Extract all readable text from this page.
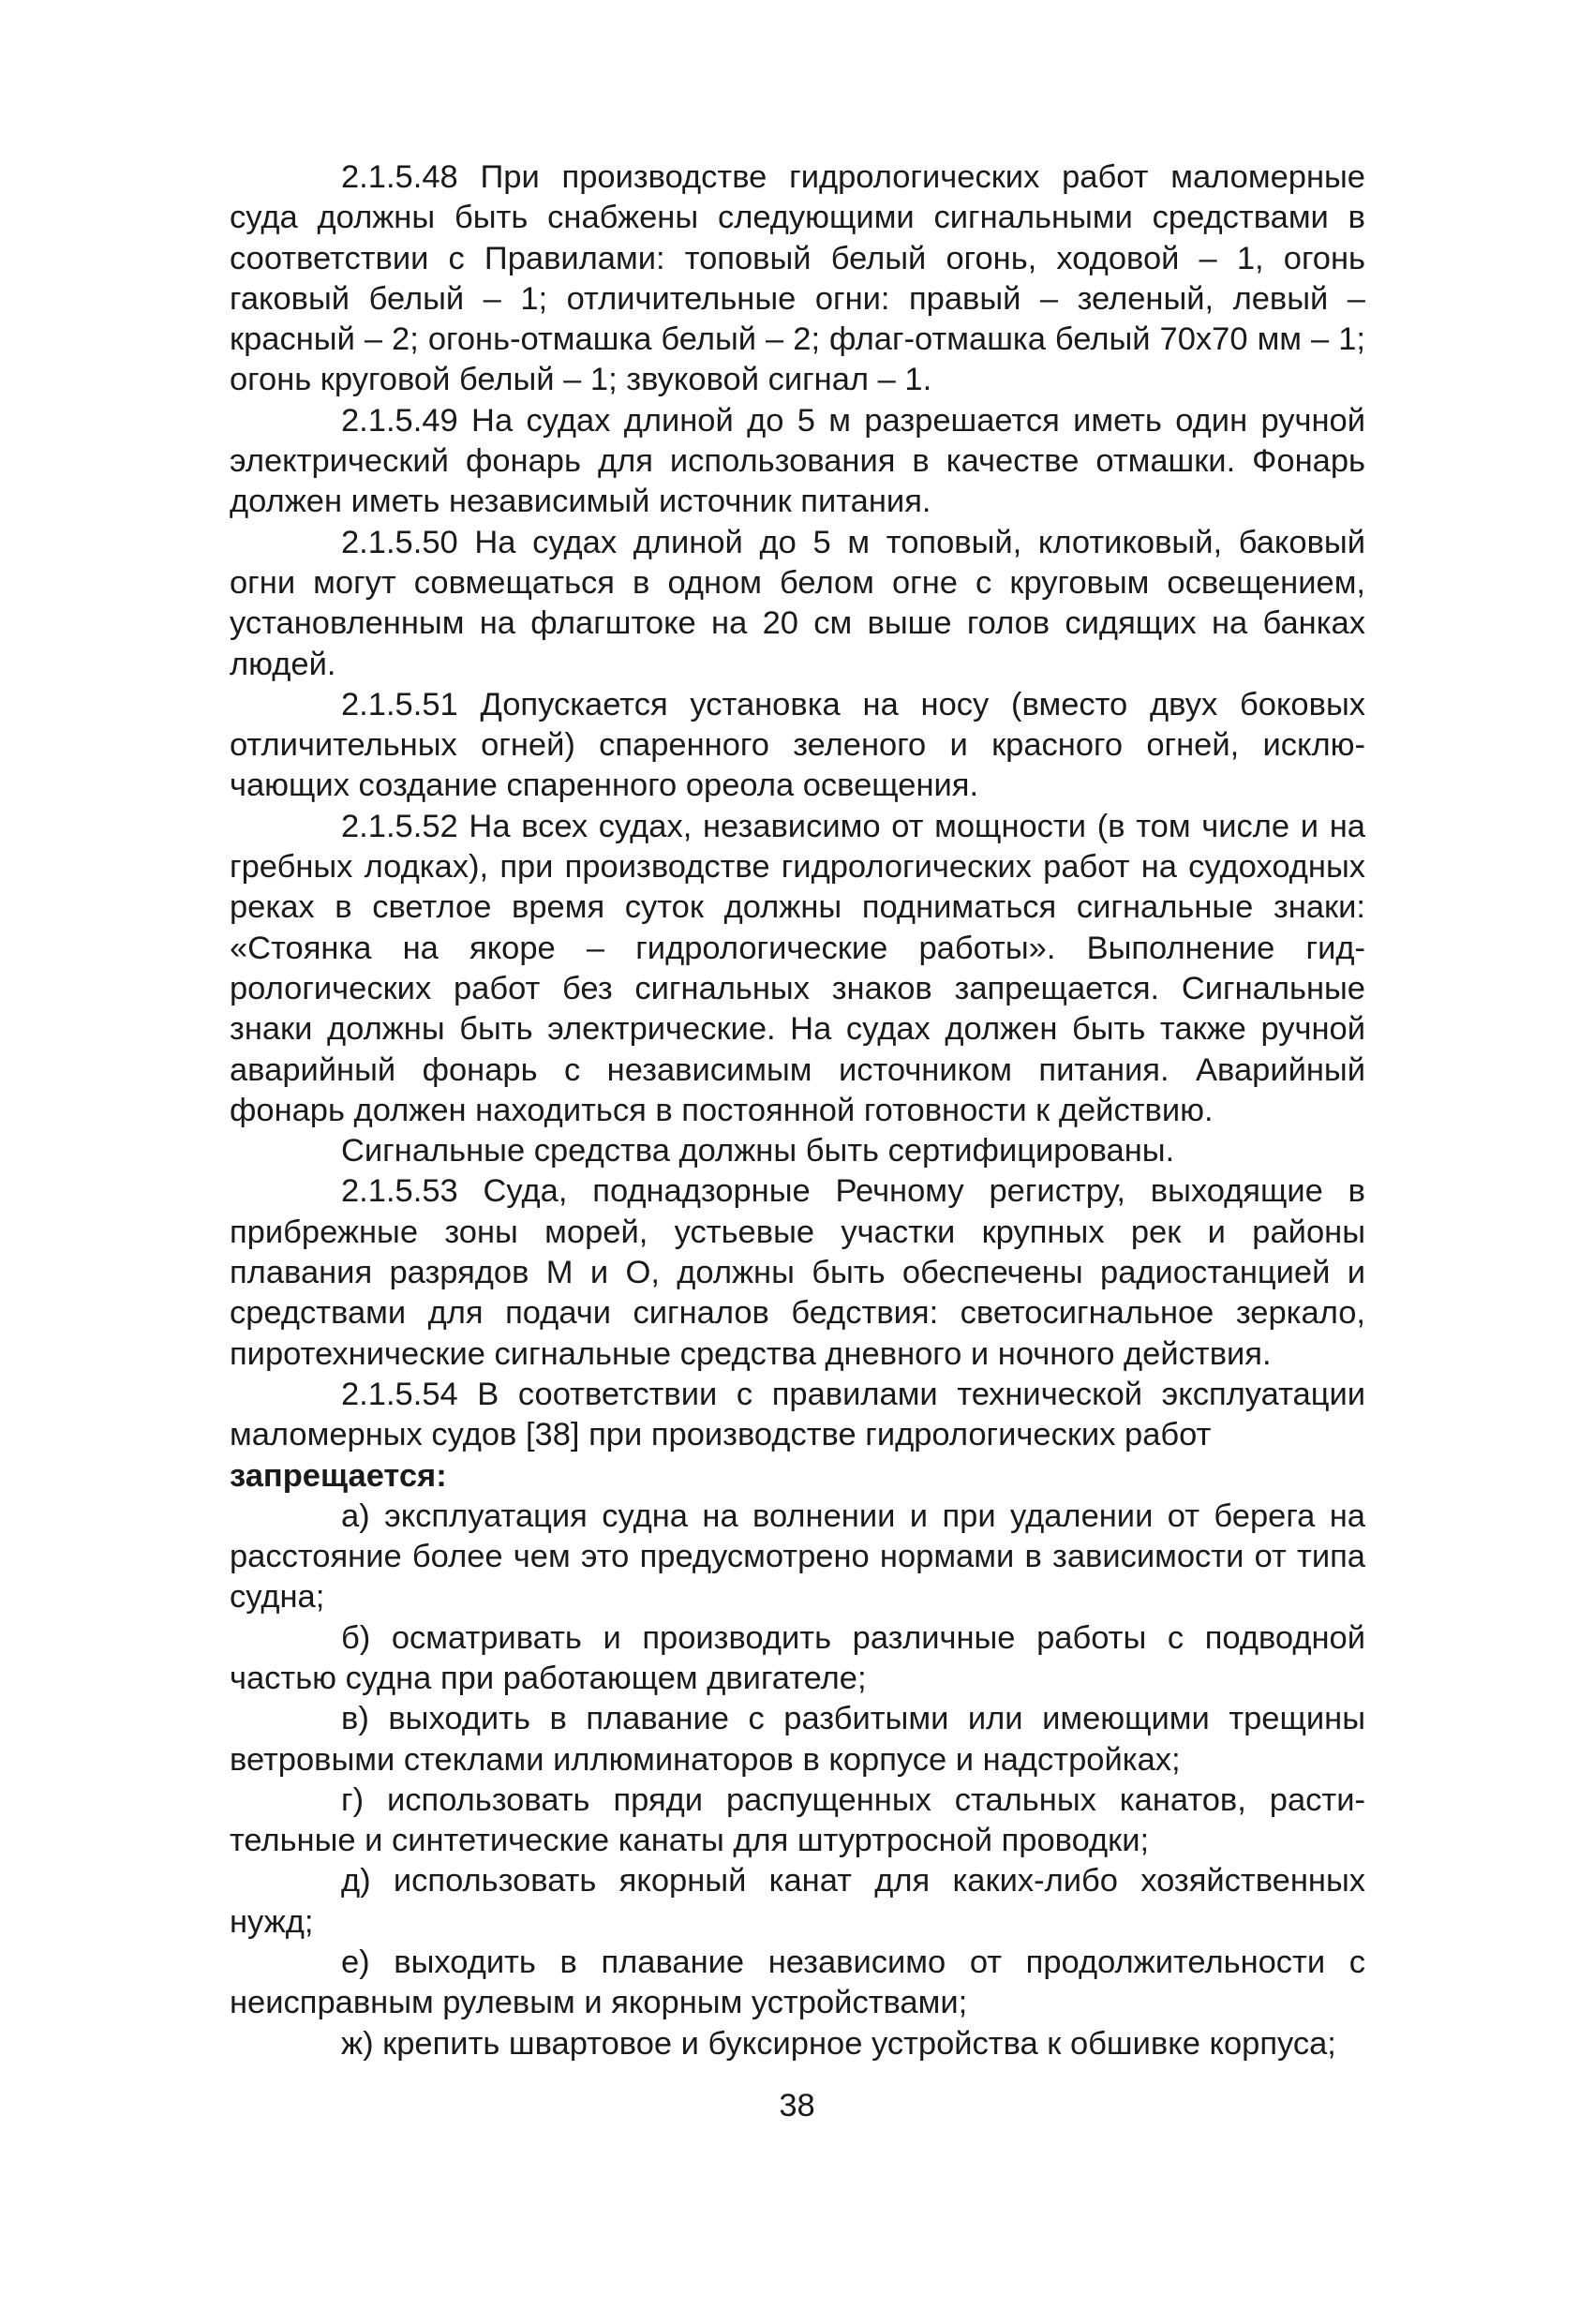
2.1.5.48 При производстве гидрологических работ маломерные суда должны быть снабжены следующими сигнальными средствами в соответствии с Правилами: топовый белый огонь, ходовой – 1, огонь гаковый белый – 1; отличительные огни: правый – зеленый, левый – красный – 2; огонь-отмашка белый – 2; флаг-отмашка белый 70х70 мм – 1; огонь круговой белый – 1; звуковой сигнал – 1.

2.1.5.49 На судах длиной до 5 м разрешается иметь один ручной электрический фонарь для использования в качестве отмашки. Фонарь должен иметь независимый источник питания.

2.1.5.50 На судах длиной до 5 м топовый, клотиковый, баковый огни могут совмещаться в одном белом огне с круговым освещением, установленным на флагштоке на 20 см выше голов сидящих на банках людей.

2.1.5.51 Допускается установка на носу (вместо двух боковых отличительных огней) спаренного зеленого и красного огней, исключающих создание спаренного ореола освещения.

2.1.5.52 На всех судах, независимо от мощности (в том числе и на гребных лодках), при производстве гидрологических работ на судоходных реках в светлое время суток должны подниматься сигнальные знаки: «Стоянка на якоре – гидрологические работы». Выполнение гидрологических работ без сигнальных знаков запрещается. Сигнальные знаки должны быть электрические. На судах должен быть также ручной аварийный фонарь с независимым источником питания. Аварийный фонарь должен находиться в постоянной готовности к действию.

Сигнальные средства должны быть сертифицированы.

2.1.5.53 Суда, поднадзорные Речному регистру, выходящие в прибрежные зоны морей, устьевые участки крупных рек и районы плавания разрядов М и О, должны быть обеспечены радиостанцией и средствами для подачи сигналов бедствия: светосигнальное зеркало, пиротехнические сигнальные средства дневного и ночного действия.

2.1.5.54 В соответствии с правилами технической эксплуатации маломерных судов [38] при производстве гидрологических работ

запрещается:

а) эксплуатация судна на волнении и при удалении от берега на расстояние более чем это предусмотрено нормами в зависимости от типа судна;

б) осматривать и производить различные работы с подводной частью судна при работающем двигателе;

в) выходить в плавание с разбитыми или имеющими трещины ветровыми стеклами иллюминаторов в корпусе и надстройках;

г) использовать пряди распущенных стальных канатов, растительные и синтетические канаты для штуртросной проводки;

д) использовать якорный канат для каких-либо хозяйственных нужд;

е) выходить в плавание независимо от продолжительности с неисправным рулевым и якорным устройствами;

ж) крепить швартовое и буксирное устройства к обшивке корпуса;

38
